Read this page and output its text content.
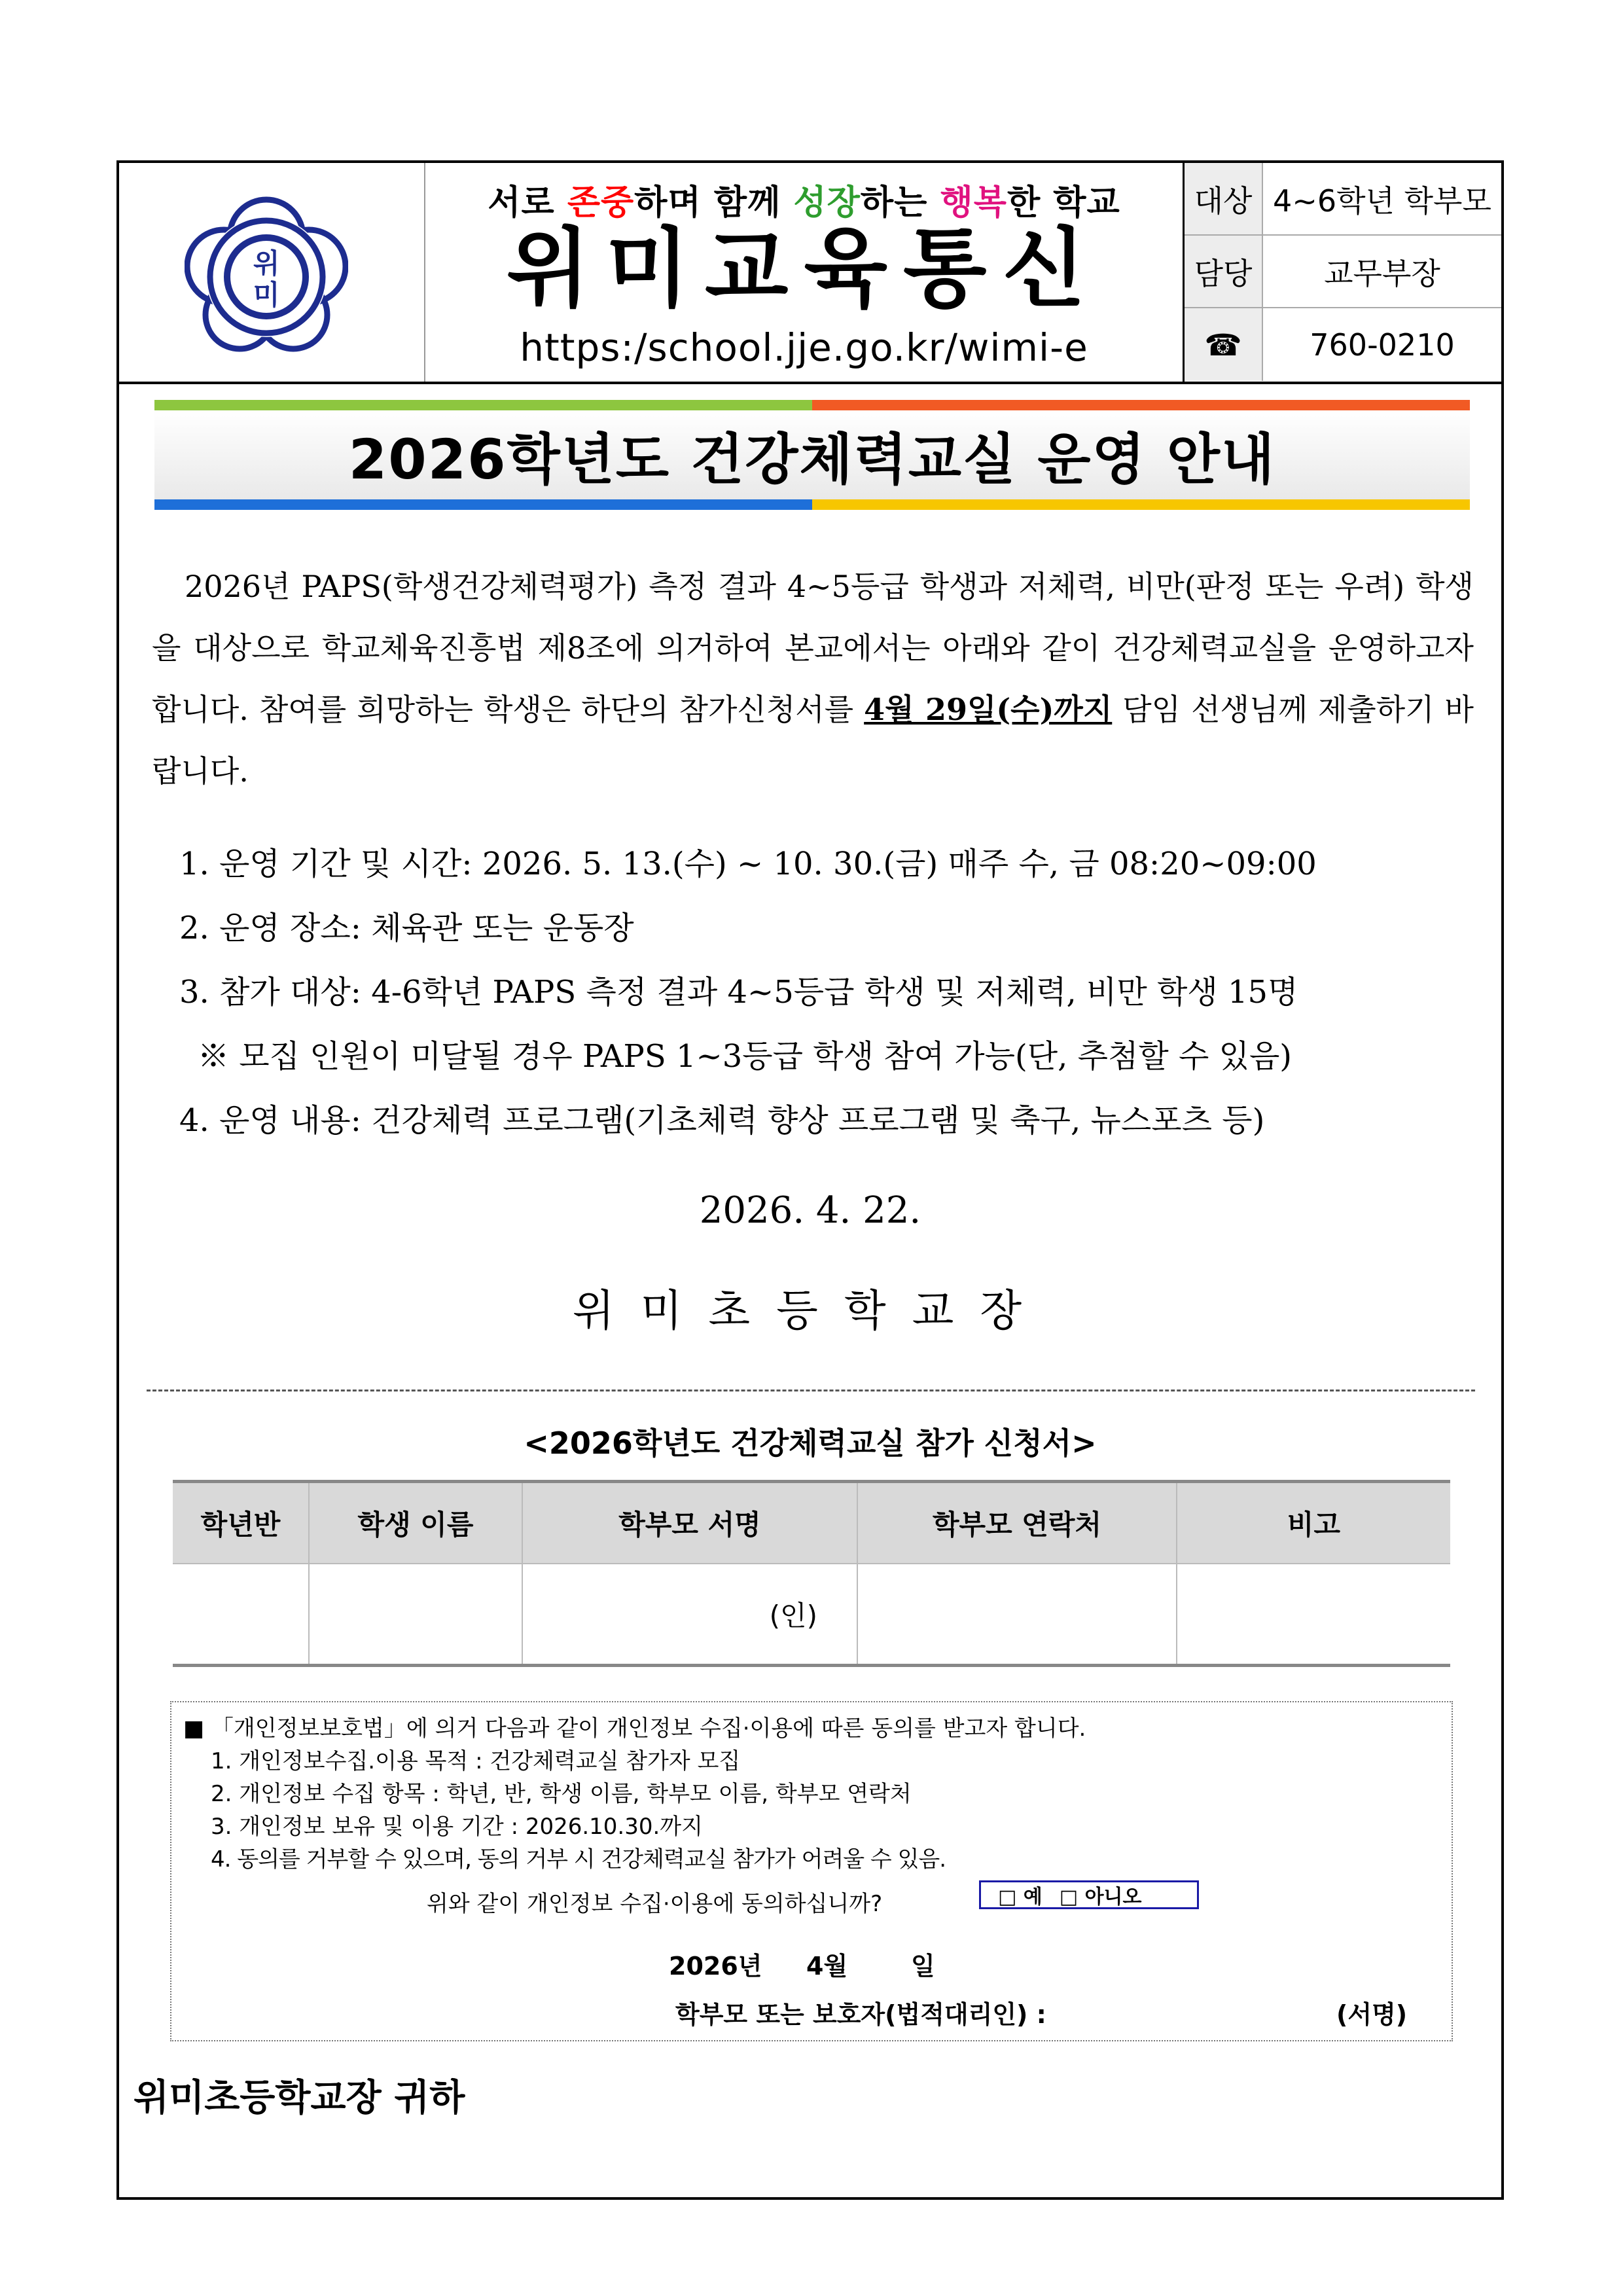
위
미
서로 존중하며 함께 성장하는 행복한 학교
위미교육통신
https:/school.jje.go.kr/wimi-e
대상 4~6학년 학부모
담당	교무부장
☎	760-0210
2026학년도 건강체력교실 운영 안내
2026년 PAPS(학생건강체력평가) 측정 결과 4~5등급 학생과 저체력, 비만(판정 또는 우려) 학생을 대상으로 학교체육진흥법 제8조에 의거하여 본교에서는 아래와 같이 건강체력교실을 운영하고자 합니다. 참여를 희망하는 학생은 하단의 참가신청서를 4월 29일(수)까지 담임 선생님께 제출하기 바랍니다.
1. 운영 기간 및 시간: 2026. 5. 13.(수) ~ 10. 30.(금) 매주 수, 금 08:20~09:00
2. 운영 장소: 체육관 또는 운동장
3. 참가 대상: 4-6학년 PAPS 측정 결과 4~5등급 학생 및 저체력, 비만 학생 15명
※ 모집 인원이 미달될 경우 PAPS 1~3등급 학생 참여 가능(단, 추첨할 수 있음)
4. 운영 내용: 건강체력 프로그램(기초체력 향상 프로그램 및 축구, 뉴스포츠 등)
2026. 4. 22.
위미초등학교장
<2026학년도 건강체력교실 참가 신청서>
학년반	학생 이름	학부모 서명	학부모 연락처	비고
		(인)		
■ 「개인정보보호법」에 의거 다음과 같이 개인정보 수집·이용에 따른 동의를 받고자 합니다.
1. 개인정보수집.이용 목적 : 건강체력교실 참가자 모집
2. 개인정보 수집 항목 : 학년, 반, 학생 이름, 학부모 이름, 학부모 연락처
3. 개인정보 보유 및 이용 기간 : 2026.10.30.까지
4. 동의를 거부할 수 있으며, 동의 거부 시 건강체력교실 참가가 어려울 수 있음.
위와 같이 개인정보 수집·이용에 동의하십니까?	□ 예 □ 아니오
2026년 4월	일
학부모 또는 보호자(법적대리인) :	(서명)
위미초등학교장 귀하
